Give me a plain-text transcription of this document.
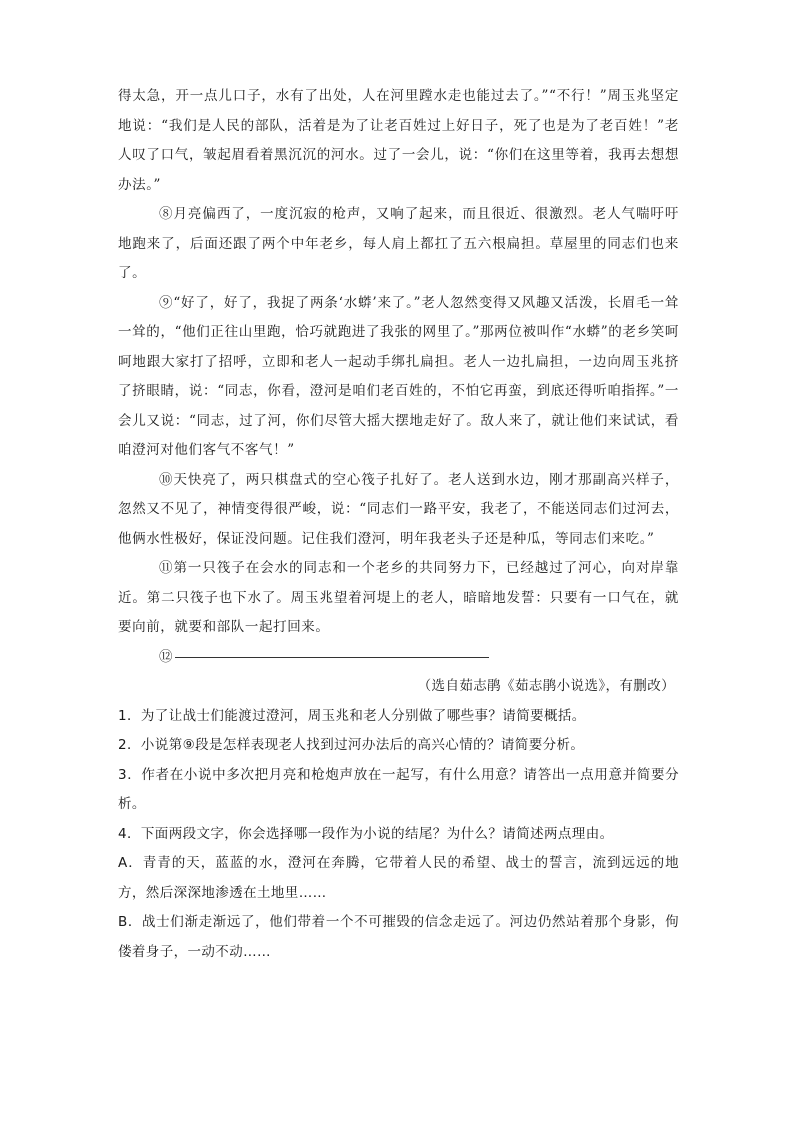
得太急，开一点儿口子，水有了出处，人在河里蹚水走也能过去了。”“不行！”周玉兆坚定地说：“我们是人民的部队，活着是为了让老百姓过上好日子，死了也是为了老百姓！”老人叹了口气，皱起眉看着黑沉沉的河水。过了一会儿，说：“你们在这里等着，我再去想想办法。”

⑧月亮偏西了，一度沉寂的枪声，又响了起来，而且很近、很激烈。老人气喘吁吁地跑来了，后面还跟了两个中年老乡，每人肩上都扛了五六根扁担。草屋里的同志们也来了。

⑨“好了，好了，我捉了两条‘水蟒’来了。”老人忽然变得又风趣又活泼，长眉毛一耸一耸的，“他们正往山里跑，恰巧就跑进了我张的网里了。”那两位被叫作“水蟒”的老乡笑呵呵地跟大家打了招呼，立即和老人一起动手绑扎扁担。老人一边扎扁担，一边向周玉兆挤了挤眼睛，说：“同志，你看，澄河是咱们老百姓的，不怕它再蛮，到底还得听咱指挥。”一会儿又说：“同志，过了河，你们尽管大摇大摆地走好了。敌人来了，就让他们来试试，看咱澄河对他们客气不客气！”

⑩天快亮了，两只棋盘式的空心筏子扎好了。老人送到水边，刚才那副高兴样子，忽然又不见了，神情变得很严峻，说：“同志们一路平安，我老了，不能送同志们过河去，他俩水性极好，保证没问题。记住我们澄河，明年我老头子还是种瓜，等同志们来吃。”

⑪第一只筏子在会水的同志和一个老乡的共同努力下，已经越过了河心，向对岸靠近。第二只筏子也下水了。周玉兆望着河堤上的老人，暗暗地发誓：只要有一口气在，就要向前，就要和部队一起打回来。

⑫

（选自茹志鹃《茹志鹃小说选》，有删改）

1．为了让战士们能渡过澄河，周玉兆和老人分别做了哪些事？请简要概括。

2．小说第⑨段是怎样表现老人找到过河办法后的高兴心情的？请简要分析。

3．作者在小说中多次把月亮和枪炮声放在一起写，有什么用意？请答出一点用意并简要分析。

4．下面两段文字，你会选择哪一段作为小说的结尾？为什么？请简述两点理由。

A．青青的天，蓝蓝的水，澄河在奔腾，它带着人民的希望、战士的誓言，流到远远的地方，然后深深地渗透在土地里……

B．战士们渐走渐远了，他们带着一个不可摧毁的信念走远了。河边仍然站着那个身影，佝偻着身子，一动不动……
